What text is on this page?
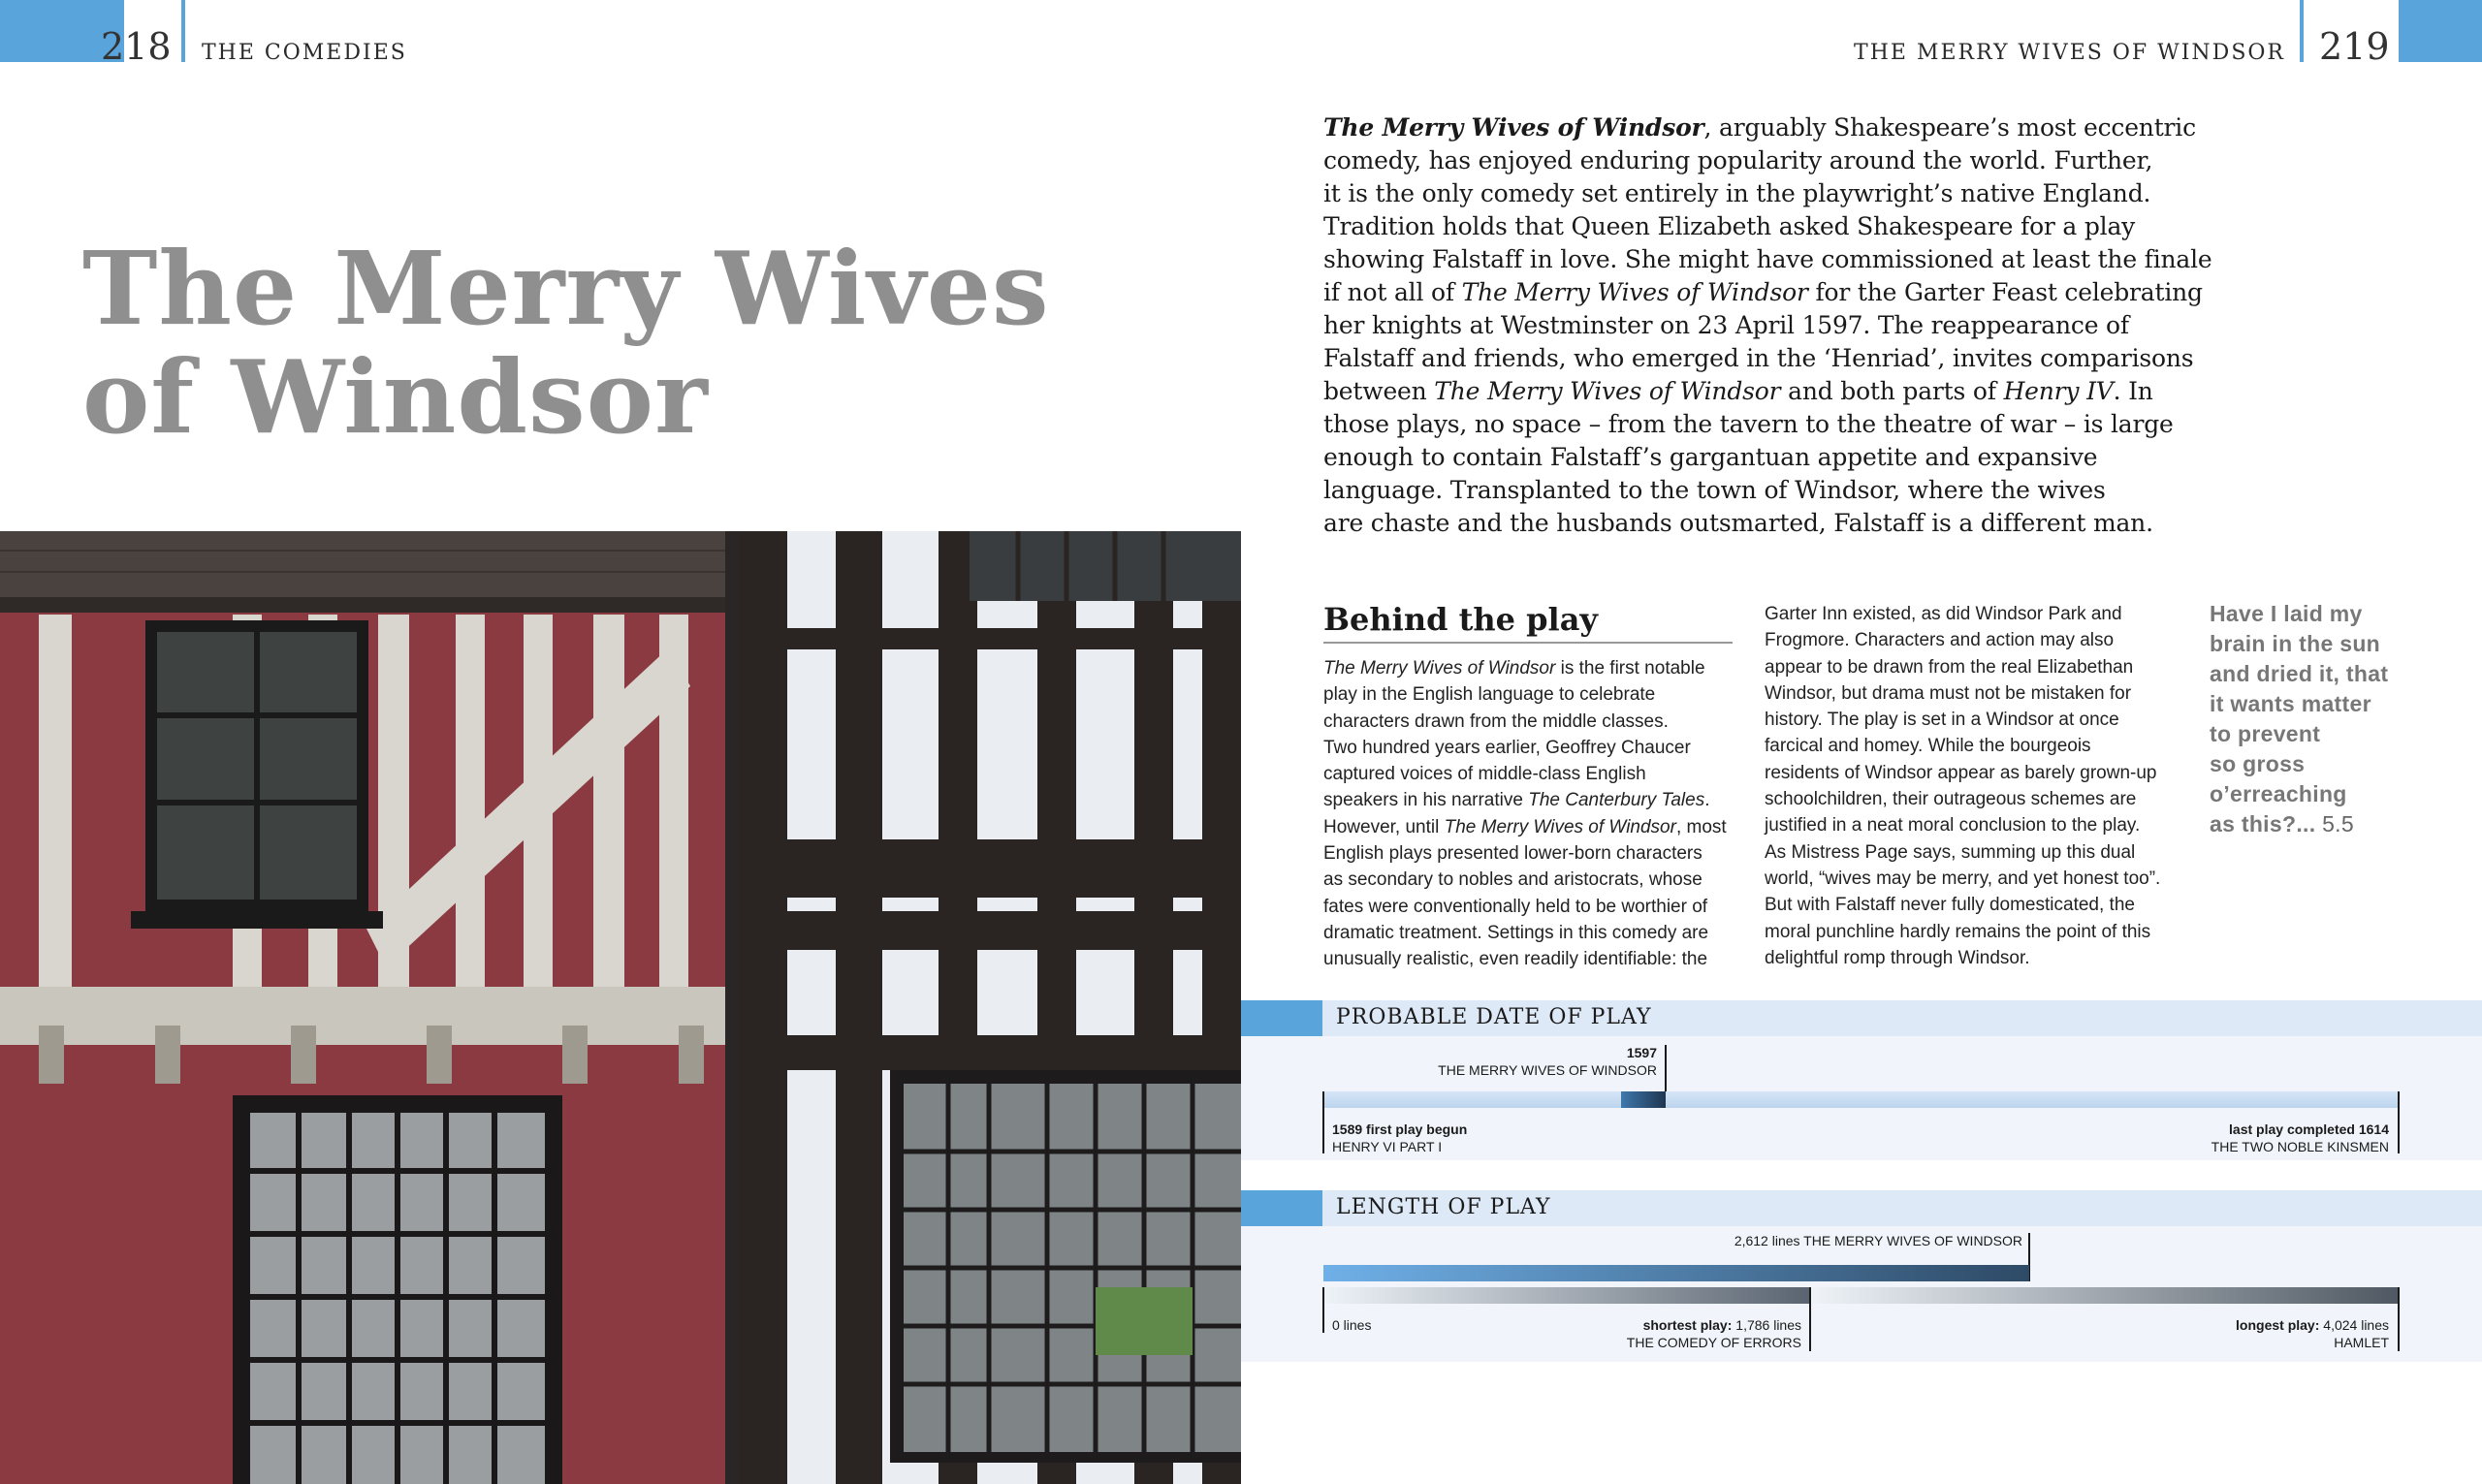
218 THE COMEDIES	THE MERRY WIVES OF WINDSOR 219
The Merry Wives
of Windsor

The Merry Wives of Windsor, arguably Shakespeare’s most eccentric

comedy, has enjoyed enduring popularity around the world. Further,

it is the only comedy set entirely in the playwright’s native England.

Tradition holds that Queen Elizabeth asked Shakespeare for a play

showing Falstaff in love. She might have commissioned at least the finale

if not all of The Merry Wives of Windsor for the Garter Feast celebrating

her knights at Westminster on 23 April 1597. The reappearance of

Falstaff and friends, who emerged in the ‘Henriad’, invites comparisons

between The Merry Wives of Windsor and both parts of Henry IV. In

those plays, no space – from the tavern to the theatre of war – is large

enough to contain Falstaff’s gargantuan appetite and expansive

language. Transplanted to the town of Windsor, where the wives

are chaste and the husbands outsmarted, Falstaff is a different man.

Behind the play

The Merry Wives of Windsor is the first notable

play in the English language to celebrate

characters drawn from the middle classes.

Two hundred years earlier, Geoffrey Chaucer

captured voices of middle-class English

speakers in his narrative The Canterbury Tales.

However, until The Merry Wives of Windsor, most

English plays presented lower-born characters

as secondary to nobles and aristocrats, whose

fates were conventionally held to be worthier of

dramatic treatment. Settings in this comedy are

unusually realistic, even readily identifiable: the

Garter Inn existed, as did Windsor Park and

Frogmore. Characters and action may also

appear to be drawn from the real Elizabethan

Windsor, but drama must not be mistaken for

history. The play is set in a Windsor at once

farcical and homey. While the bourgeois

residents of Windsor appear as barely grown-up

schoolchildren, their outrageous schemes are

justified in a neat moral conclusion to the play.

As Mistress Page says, summing up this dual

world, “wives may be merry, and yet honest too”.

But with Falstaff never fully domesticated, the

moral punchline hardly remains the point of this

delightful romp through Windsor.

Have I laid my

brain in the sun

and dried it, that

it wants matter

to prevent

so gross

o’erreaching

as this?... 5.5

PROBABLE DATE OF PLAY
1597
THE MERRY WIVES OF WINDSOR
1589 first play begun
HENRY VI PART I
last play completed 1614
THE TWO NOBLE KINSMEN
LENGTH OF PLAY
2,612 lines THE MERRY WIVES OF WINDSOR
0 lines	shortest play: 1,786 lines
THE COMEDY OF ERRORS
longest play: 4,024 lines
HAMLET
